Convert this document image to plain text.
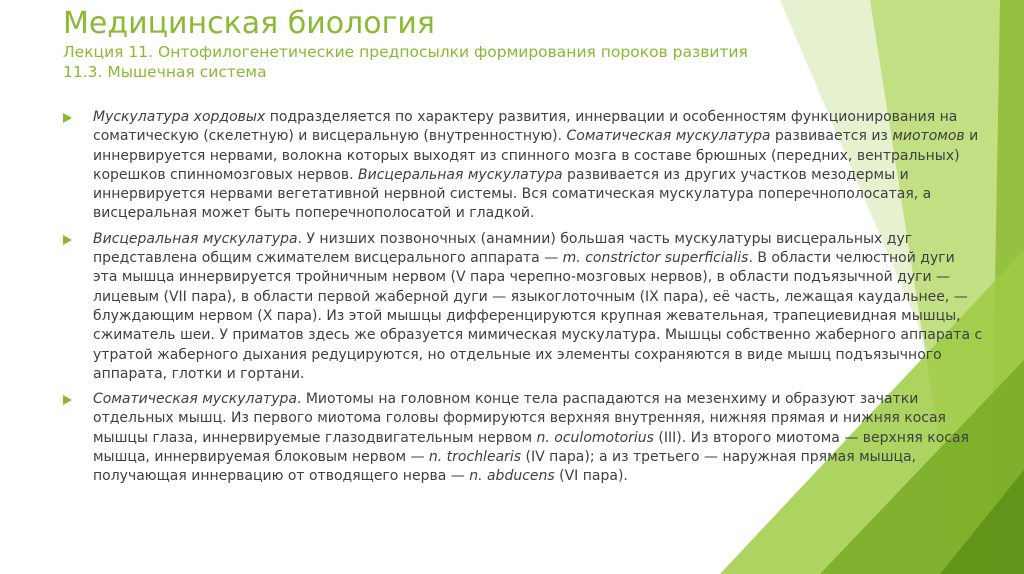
Медицинская биология
Лекция 11. Онтофилогенетические предпосылки формирования пороков развития
11.3. Мышечная система
Мускулатура хордовых подразделяется по характеру развития, иннервации и особенностям функционирования на соматическую (скелетную) и висцеральную (внутренностную). Соматическая мускулатура развивается из миотомов и иннервируется нервами, волокна которых выходят из спинного мозга в составе брюшных (передних, вентральных) корешков спинномозговых нервов. Висцеральная мускулатура развивается из других участков мезодермы и иннервируется нервами вегетативной нервной системы. Вся соматическая мускулатура поперечнополосатая, а висцеральная может быть поперечнополосатой и гладкой.
Висцеральная мускулатура. У низших позвоночных (анамнии) большая часть мускулатуры висцеральных дуг представлена общим сжимателем висцерального аппарата — m. constrictor superficialis. В области челюстной дуги эта мышца иннервируется тройничным нервом (V пара черепно-мозговых нервов), в области подъязычной дуги — лицевым (VII пара), в области первой жаберной дуги — языкоглоточным (IX пара), её часть, лежащая каудальнее, — блуждающим нервом (X пара). Из этой мышцы дифференцируются крупная жевательная, трапециевидная мышцы, сжиматель шеи. У приматов здесь же образуется мимическая мускулатура. Мышцы собственно жаберного аппарата с утратой жаберного дыхания редуцируются, но отдельные их элементы сохраняются в виде мышц подъязычного аппарата, глотки и гортани.
Соматическая мускулатура. Миотомы на головном конце тела распадаются на мезенхиму и образуют зачатки отдельных мышц. Из первого миотома головы формируются верхняя внутренняя, нижняя прямая и нижняя косая мышцы глаза, иннервируемые глазодвигательным нервом n. oculomotorius (III). Из второго миотома — верхняя косая мышца, иннервируемая блоковым нервом — n. trochlearis (IV пара); а из третьего — наружная прямая мышца, получающая иннервацию от отводящего нерва — n. abducens (VI пара).
